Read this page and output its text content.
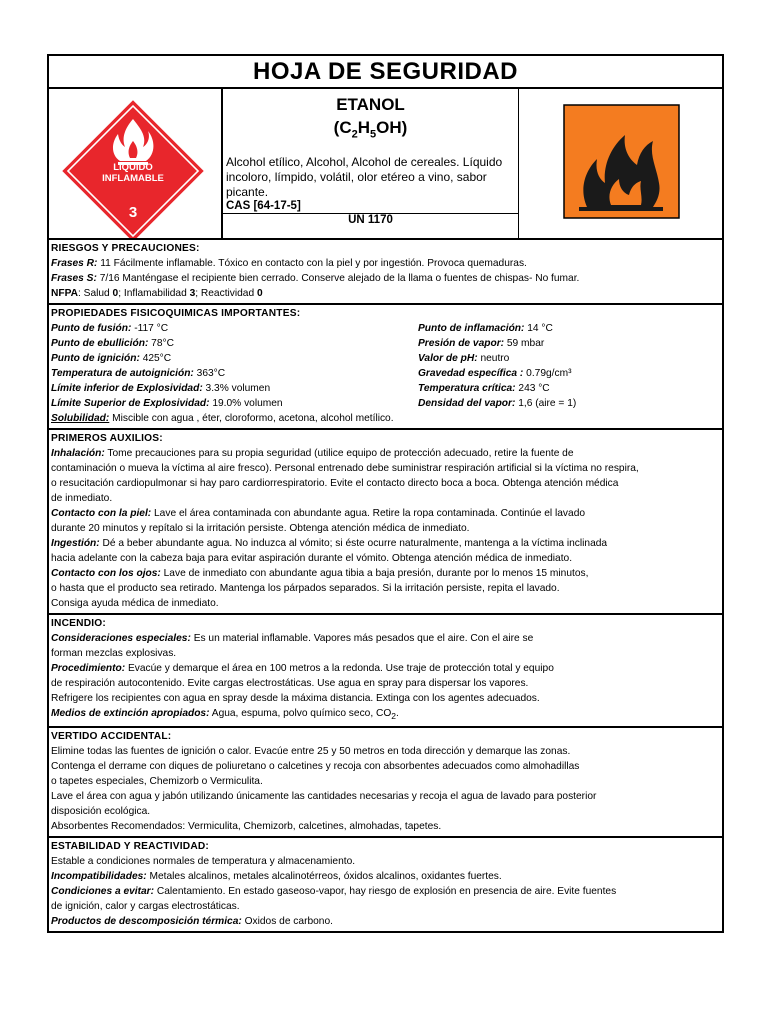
HOJA DE SEGURIDAD
LIQUIDO
INFLAMABLE
3
ETANOL
$(C_2H_5OH)$
Alcohol etílico, Alcohol, Alcohol de cereales. Líquido incoloro, límpido, volátil, olor etéreo a vino, sabor picante.
CAS [64-17-5]
UN 1170
RIESGOS Y PRECAUCIONES:
Frases R: 11 Fácilmente inflamable. Tóxico en contacto con la piel y por ingestión. Provoca quemaduras.
Frases S: 7/16 Manténgase el recipiente bien cerrado. Conserve alejado de la llama o fuentes de chispas- No fumar.
NFPA: Salud 0; Inflamabilidad 3; Reactividad 0
PROPIEDADES FISICOQUIMICAS IMPORTANTES:
Punto de fusión: -117 °C
Punto de ebullición: 78°C
Punto de ignición: 425°C
Temperatura de autoignición: 363°C
Límite inferior de Explosividad: 3.3% volumen
Límite Superior de Explosividad: 19.0% volumen
Punto de inflamación: 14 °C
Presión de vapor: 59 mbar
Valor de pH: neutro
Gravedad específica : 0.79g/cm³
Temperatura crítica: 243 °C
Densidad del vapor: 1,6 (aire = 1)
Solubilidad: Miscible con agua , éter, cloroformo, acetona, alcohol metílico.
PRIMEROS AUXILIOS:
Inhalación: Tome precauciones para su propia seguridad (utilice equipo de protección adecuado, retire la fuente de
contaminación o mueva la víctima al aire fresco). Personal entrenado debe suministrar respiración artificial si la víctima no respira,
o resucitación cardiopulmonar si hay paro cardiorrespiratorio. Evite el contacto directo boca a boca. Obtenga atención médica
de inmediato.
Contacto con la piel: Lave el área contaminada con abundante agua. Retire la ropa contaminada. Continúe el lavado
durante 20 minutos y repítalo si la irritación persiste. Obtenga atención médica de inmediato.
Ingestión: Dé a beber abundante agua. No induzca al vómito; si éste ocurre naturalmente, mantenga a la víctima inclinada
hacia adelante con la cabeza baja para evitar aspiración durante el vómito. Obtenga atención médica de inmediato.
Contacto con los ojos: Lave de inmediato con abundante agua tibia a baja presión, durante por lo menos 15 minutos,
o hasta que el producto sea retirado. Mantenga los párpados separados. Si la irritación persiste, repita el lavado.
Consiga ayuda médica de inmediato.
INCENDIO:
Consideraciones especiales: Es un material inflamable. Vapores más pesados que el aire. Con el aire se
forman mezclas explosivas.
Procedimiento: Evacúe y demarque el área en 100 metros a la redonda. Use traje de protección total y equipo
de respiración autocontenido. Evite cargas electrostáticas. Use agua en spray para dispersar los vapores.
Refrigere los recipientes con agua en spray desde la máxima distancia. Extinga con los agentes adecuados.
Medios de extinción apropiados: Agua, espuma, polvo químico seco, $CO_2$.
VERTIDO ACCIDENTAL:
Elimine todas las fuentes de ignición o calor. Evacúe entre 25 y 50 metros en toda dirección y demarque las zonas.
Contenga el derrame con diques de poliuretano o calcetines y recoja con absorbentes adecuados como almohadillas
o tapetes especiales, Chemizorb o Vermiculita.
Lave el área con agua y jabón utilizando únicamente las cantidades necesarias y recoja el agua de lavado para posterior
disposición ecológica.
Absorbentes Recomendados: Vermiculita, Chemizorb, calcetines, almohadas, tapetes.
ESTABILIDAD Y REACTIVIDAD:
Estable a condiciones normales de temperatura y almacenamiento.
Incompatibilidades: Metales alcalinos, metales alcalinotérreos, óxidos alcalinos, oxidantes fuertes.
Condiciones a evitar: Calentamiento. En estado gaseoso-vapor, hay riesgo de explosión en presencia de aire. Evite fuentes
de ignición, calor y cargas electrostáticas.
Productos de descomposición térmica: Oxidos de carbono.
